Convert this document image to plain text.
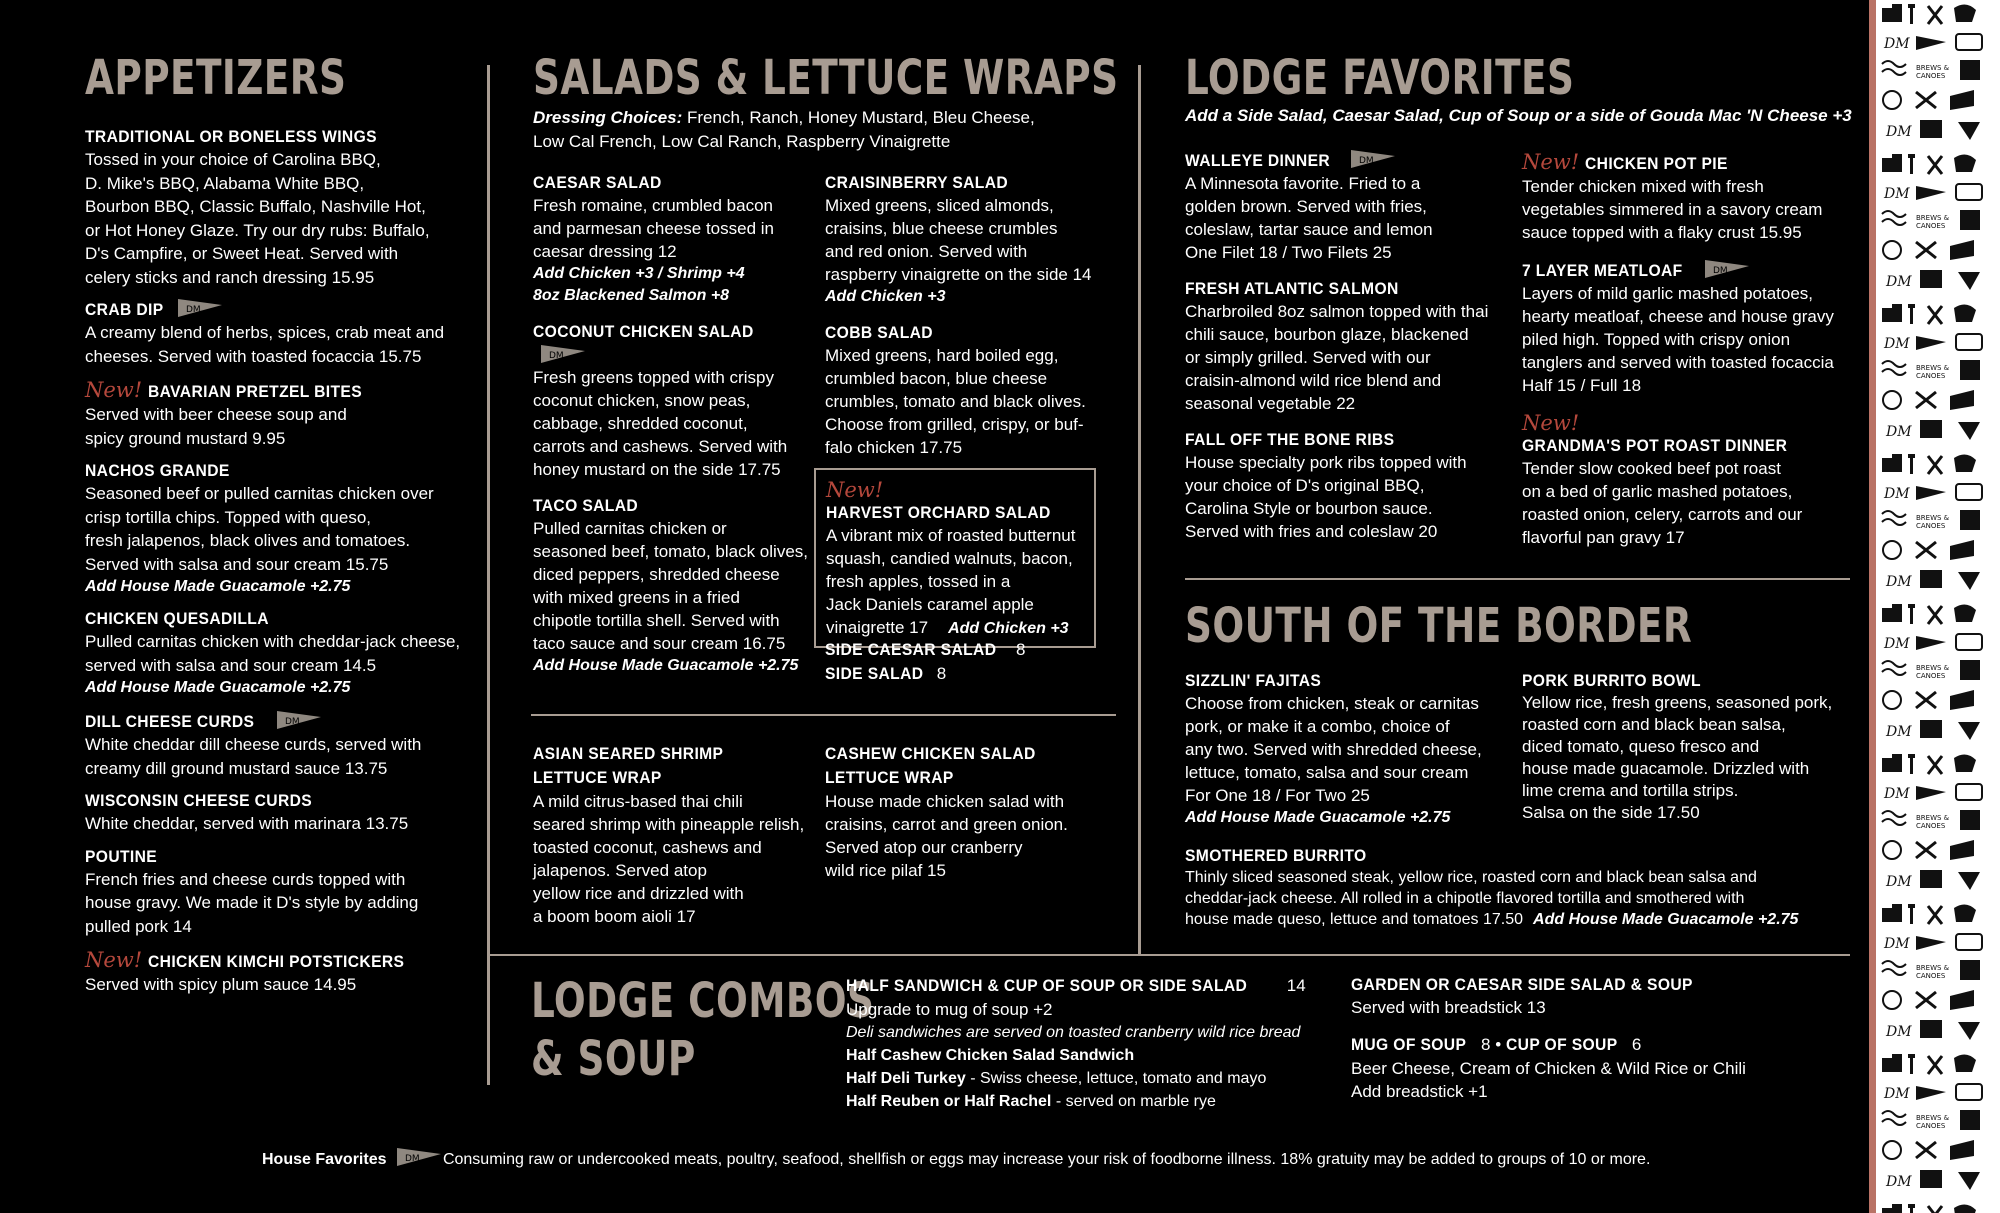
APPETIZERS
TRADITIONAL OR BONELESS WINGS
Tossed in your choice of Carolina BBQ,
D. Mike's BBQ, Alabama White BBQ,
Bourbon BBQ, Classic Buffalo, Nashville Hot,
or Hot Honey Glaze. Try our dry rubs: Buffalo,
D's Campfire, or Sweet Heat. Served with
celery sticks and ranch dressing 15.95
CRAB DIP	DM
A creamy blend of herbs, spices, crab meat and
cheeses. Served with toasted focaccia 15.75
New! BAVARIAN PRETZEL BITES
Served with beer cheese soup and
spicy ground mustard 9.95
NACHOS GRANDE
Seasoned beef or pulled carnitas chicken over
crisp tortilla chips. Topped with queso,
fresh jalapenos, black olives and tomatoes.
Served with salsa and sour cream 15.75
Add House Made Guacamole +2.75
CHICKEN QUESADILLA
Pulled carnitas chicken with cheddar-jack cheese,
served with salsa and sour cream 14.5
Add House Made Guacamole +2.75
DILL CHEESE CURDS	DM
White cheddar dill cheese curds, served with
creamy dill ground mustard sauce 13.75
WISCONSIN CHEESE CURDS
White cheddar, served with marinara 13.75
POUTINE
French fries and cheese curds topped with
house gravy. We made it D's style by adding
pulled pork 14
New! CHICKEN KIMCHI POTSTICKERS
Served with spicy plum sauce 14.95
SALADS & LETTUCE WRAPS
Dressing Choices: French, Ranch, Honey Mustard, Bleu Cheese,
Low Cal French, Low Cal Ranch, Raspberry Vinaigrette
CAESAR SALAD
Fresh romaine, crumbled bacon
and parmesan cheese tossed in
caesar dressing 12
Add Chicken +3 / Shrimp +4
8oz Blackened Salmon +8
COCONUT CHICKEN SALAD
DM
Fresh greens topped with crispy
coconut chicken, snow peas,
cabbage, shredded coconut,
carrots and cashews. Served with
honey mustard on the side 17.75
TACO SALAD
Pulled carnitas chicken or
seasoned beef, tomato, black olives,
diced peppers, shredded cheese
with mixed greens in a fried
chipotle tortilla shell. Served with
taco sauce and sour cream 16.75
Add House Made Guacamole +2.75
CRAISINBERRY SALAD
Mixed greens, sliced almonds,
craisins, blue cheese crumbles
and red onion. Served with
raspberry vinaigrette on the side 14
Add Chicken +3
COBB SALAD
Mixed greens, hard boiled egg,
crumbled bacon, blue cheese
crumbles, tomato and black olives.
Choose from grilled, crispy, or buf-
falo chicken 17.75
New!HARVEST ORCHARD SALAD
A vibrant mix of roasted butternut
squash, candied walnuts, bacon,
fresh apples, tossed in a
Jack Daniels caramel apple
vinaigrette 17 Add Chicken +3
SIDE CAESAR SALAD 8
SIDE SALAD 8
ASIAN SEARED SHRIMP
LETTUCE WRAP
A mild citrus-based thai chili
seared shrimp with pineapple relish,
toasted coconut, cashews and
jalapenos. Served atop
yellow rice and drizzled with
a boom boom aioli 17
CASHEW CHICKEN SALAD
LETTUCE WRAP
House made chicken salad with
craisins, carrot and green onion.
Served atop our cranberry
wild rice pilaf 15
LODGE FAVORITES
Add a Side Salad, Caesar Salad, Cup of Soup or a side of Gouda Mac 'N Cheese +3
WALLEYE DINNER	DM
A Minnesota favorite. Fried to a
golden brown. Served with fries,
coleslaw, tartar sauce and lemon
One Filet 18 / Two Filets 25
FRESH ATLANTIC SALMON
Charbroiled 8oz salmon topped with thai
chili sauce, bourbon glaze, blackened
or simply grilled. Served with our
craisin-almond wild rice blend and
seasonal vegetable 22
FALL OFF THE BONE RIBS
House specialty pork ribs topped with
your choice of D's original BBQ,
Carolina Style or bourbon sauce.
Served with fries and coleslaw 20
New! CHICKEN POT PIE
Tender chicken mixed with fresh
vegetables simmered in a savory cream
sauce topped with a flaky crust 15.95
7 LAYER MEATLOAF	DM
Layers of mild garlic mashed potatoes,
hearty meatloaf, cheese and house gravy
piled high. Topped with crispy onion
tanglers and served with toasted focaccia
Half 15 / Full 18
New!GRANDMA'S POT ROAST DINNER
Tender slow cooked beef pot roast
on a bed of garlic mashed potatoes,
roasted onion, celery, carrots and our
flavorful pan gravy 17
SOUTH OF THE BORDER
SIZZLIN' FAJITAS
Choose from chicken, steak or carnitas
pork, or make it a combo, choice of
any two. Served with shredded cheese,
lettuce, tomato, salsa and sour cream
For One 18 / For Two 25
Add House Made Guacamole +2.75
PORK BURRITO BOWL
Yellow rice, fresh greens, seasoned pork,
roasted corn and black bean salsa,
diced tomato, queso fresco and
house made guacamole. Drizzled with
lime crema and tortilla strips.
Salsa on the side 17.50
SMOTHERED BURRITO
Thinly sliced seasoned steak, yellow rice, roasted corn and black bean salsa and
cheddar-jack cheese. All rolled in a chipotle flavored tortilla and smothered with
house made queso, lettuce and tomatoes 17.50 Add House Made Guacamole +2.75
LODGE COMBOS
& SOUP
HALF SANDWICH & CUP OF SOUP OR SIDE SALAD 14
Upgrade to mug of soup +2
Deli sandwiches are served on toasted cranberry wild rice bread
Half Cashew Chicken Salad Sandwich
Half Deli Turkey - Swiss cheese, lettuce, tomato and mayo
Half Reuben or Half Rachel - served on marble rye
GARDEN OR CAESAR SIDE SALAD & SOUP
Served with breadstick 13
MUG OF SOUP 8 • CUP OF SOUP 6
Beer Cheese, Cream of Chicken & Wild Rice or Chili
Add breadstick +1
House Favorites DM Consuming raw or undercooked meats, poultry, seafood, shellfish or eggs may increase your risk of foodborne illness. 18% gratuity may be added to groups of 10 or more.
